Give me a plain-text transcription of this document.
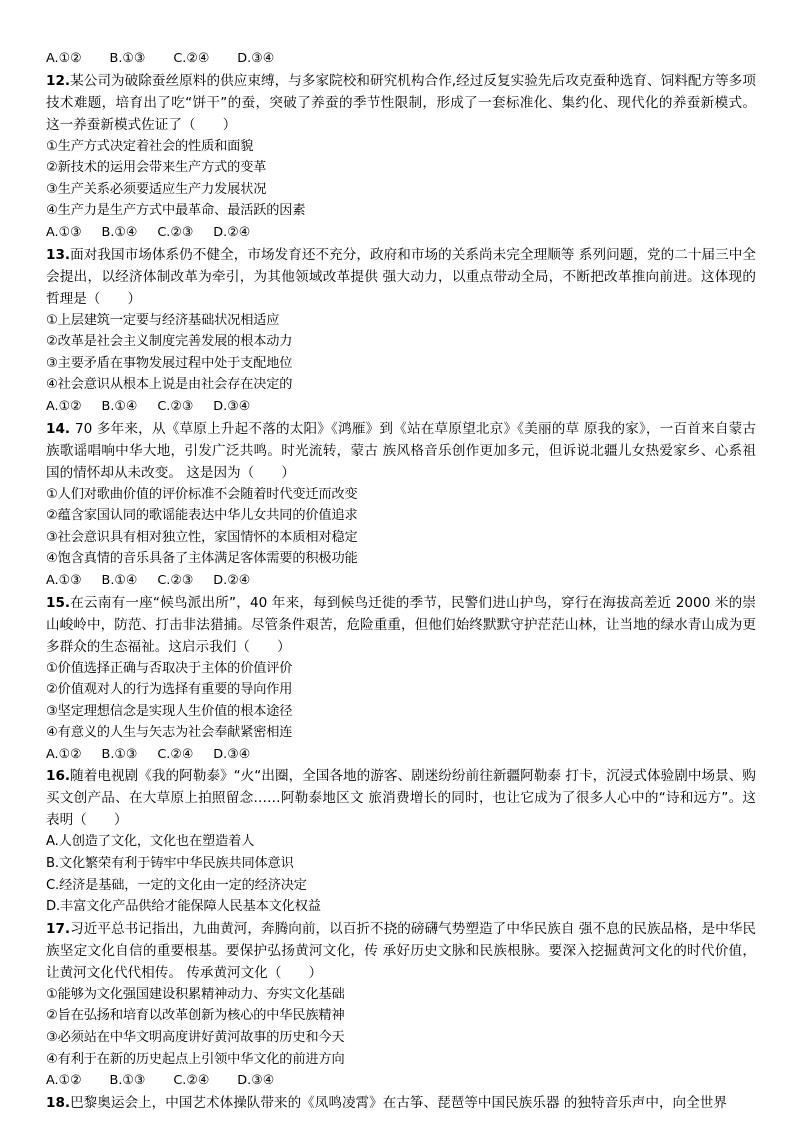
A.①② B.①③ C.②④ D.③④
12.某公司为破除蚕丝原料的供应束缚，与多家院校和研究机构合作,经过反复实验先后攻克蚕种选育、饲料配方等多项技术难题，培育出了吃“饼干”的蚕，突破了养蚕的季节性限制，形成了一套标准化、集约化、现代化的养蚕新模式。 这一养蚕新模式佐证了（　　）
①生产方式决定着社会的性质和面貌
②新技术的运用会带来生产方式的变革
③生产关系必须要适应生产力发展状况
④生产力是生产方式中最革命、最活跃的因素
A.①③ B.①④ C.②③ D.②④
13.面对我国市场体系仍不健全，市场发育还不充分，政府和市场的关系尚未完全理顺等 系列问题，党的二十届三中全会提出，以经济体制改革为牵引，为其他领域改革提供 强大动力，以重点带动全局，不断把改革推向前进。这体现的哲理是（　　）
①上层建筑一定要与经济基础状况相适应
②改革是社会主义制度完善发展的根本动力
③主要矛盾在事物发展过程中处于支配地位
④社会意识从根本上说是由社会存在决定的
A.①② B.①④ C.②③ D.③④
14. 70 多年来，从《草原上升起不落的太阳》《鸿雁》到《站在草原望北京》《美丽的草 原我的家》，一百首来自蒙古族歌谣唱响中华大地，引发广泛共鸣。时光流转，蒙古 族风格音乐创作更加多元，但诉说北疆儿女热爱家乡、心系祖国的情怀却从未改变。 这是因为（　　）
①人们对歌曲价值的评价标准不会随着时代变迁而改变
②蕴含家国认同的歌谣能表达中华儿女共同的价值追求
③社会意识具有相对独立性，家国情怀的本质相对稳定
④饱含真情的音乐具备了主体满足客体需要的积极功能
A.①③ B.①④ C.②③ D.②④
15.在云南有一座“候鸟派出所”，40 年来，每到候鸟迁徙的季节，民警们进山护鸟，穿行在海拔高差近 2000 米的崇山峻岭中，防范、打击非法猎捕。尽管条件艰苦，危险重重，但他们始终默默守护茫茫山林，让当地的绿水青山成为更多群众的生态福祉。这启示我们（　　）
①价值选择正确与否取决于主体的价值评价
②价值观对人的行为选择有重要的导向作用
③坚定理想信念是实现人生价值的根本途径
④有意义的人生与矢志为社会奉献紧密相连
A.①② B.①③ C.②④ D.③④
16.随着电视剧《我的阿勒泰》“火“出圈，全国各地的游客、剧迷纷纷前往新疆阿勒泰 打卡，沉浸式体验剧中场景、购买文创产品、在大草原上拍照留念……阿勒泰地区文 旅消费增长的同时，也让它成为了很多人心中的“诗和远方”。这表明（　　）
A.人创造了文化，文化也在塑造着人
B.文化繁荣有利于铸牢中华民族共同体意识
C.经济是基础，一定的文化由一定的经济决定
D.丰富文化产品供给才能保障人民基本文化权益
17.习近平总书记指出，九曲黄河，奔腾向前，以百折不挠的磅礴气势塑造了中华民族自 强不息的民族品格，是中华民族坚定文化自信的重要根基。要保护弘扬黄河文化，传 承好历史文脉和民族根脉。要深入挖掘黄河文化的时代价值，让黄河文化代代相传。 传承黄河文化（　　）
①能够为文化强国建设积累精神动力、夯实文化基础
②旨在弘扬和培育以改革创新为核心的中华民族精神
③必须站在中华文明高度讲好黄河故事的历史和今天
④有利于在新的历史起点上引领中华文化的前进方向
A.①② B.①③ C.②④ D.③④
18.巴黎奥运会上，中国艺术体操队带来的《凤鸣凌霄》在古筝、琵琶等中国民族乐器 的独特音乐声中，向全世界
